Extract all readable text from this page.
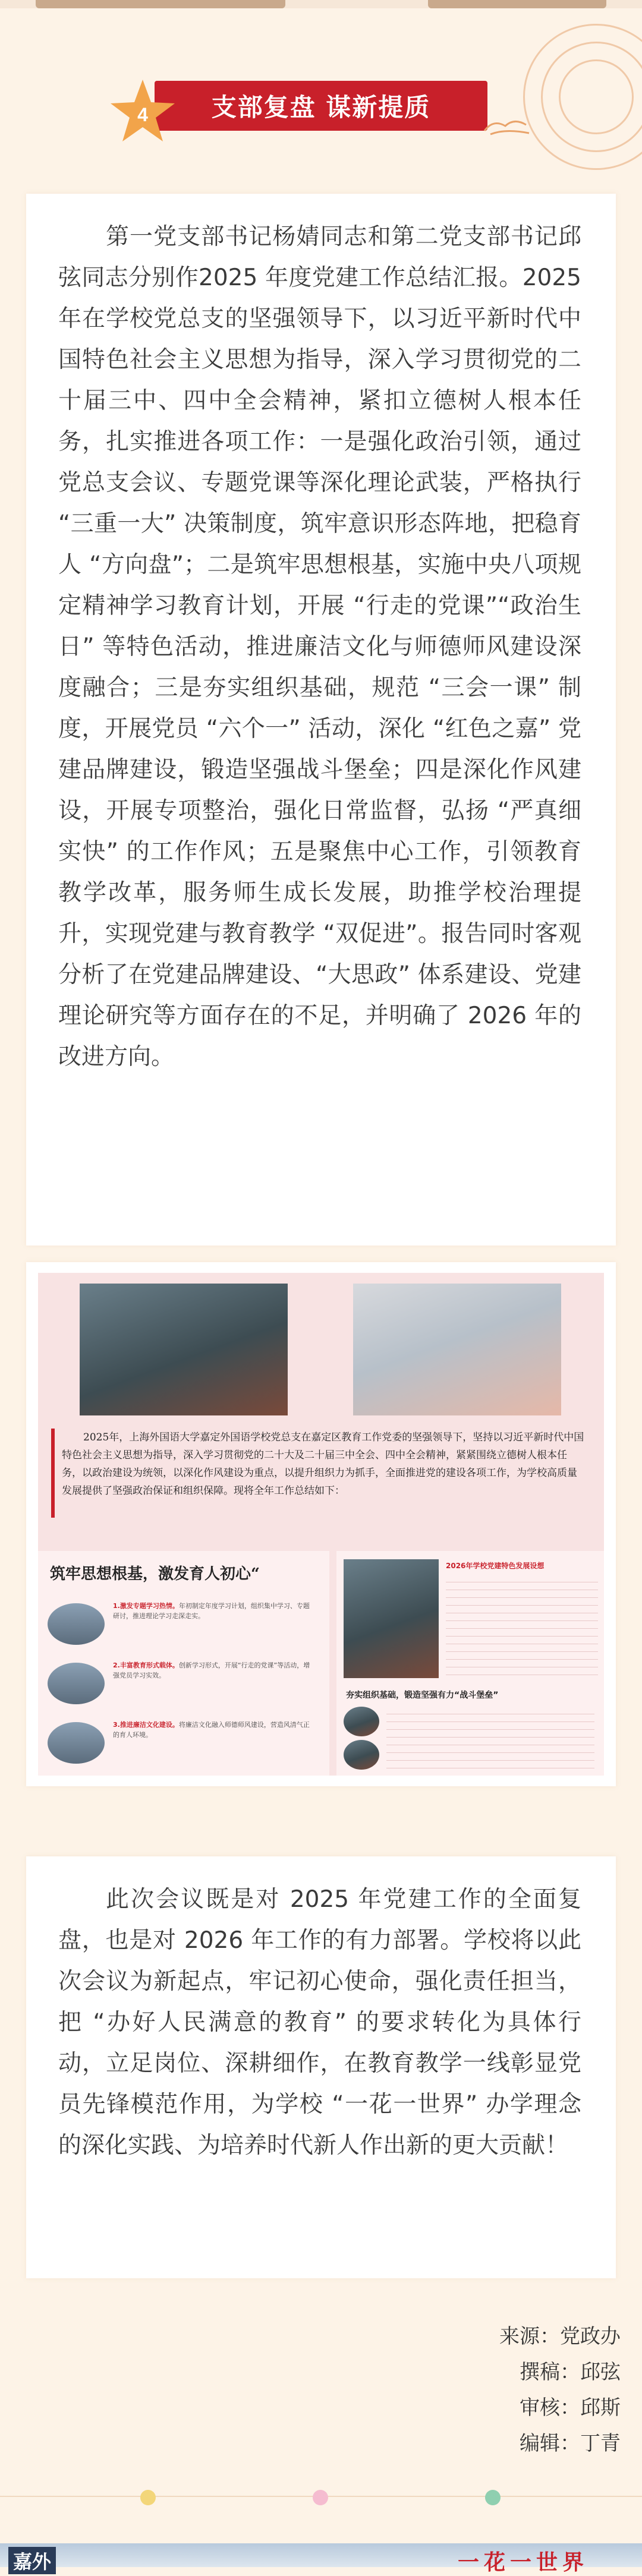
支部复盘 谋新提质
4

第一党支部书记杨婧同志和第二党支部书记邱弦同志分别作2025 年度党建工作总结汇报。2025 年在学校党总支的坚强领导下，以习近平新时代中国特色社会主义思想为指导，深入学习贯彻党的二十届三中、四中全会精神，紧扣立德树人根本任务，扎实推进各项工作：一是强化政治引领，通过党总支会议、专题党课等深化理论武装，严格执行 “三重一大” 决策制度，筑牢意识形态阵地，把稳育人 “方向盘”；二是筑牢思想根基，实施中央八项规定精神学习教育计划，开展 “行走的党课”“政治生日” 等特色活动，推进廉洁文化与师德师风建设深度融合；三是夯实组织基础，规范 “三会一课” 制度，开展党员 “六个一” 活动，深化 “红色之嘉” 党建品牌建设，锻造坚强战斗堡垒；四是深化作风建设，开展专项整治，强化日常监督，弘扬 “严真细实快” 的工作作风；五是聚焦中心工作，引领教育教学改革，服务师生成长发展，助推学校治理提升，实现党建与教育教学 “双促进”。报告同时客观分析了在党建品牌建设、“大思政” 体系建设、党建理论研究等方面存在的不足，并明确了 2026 年的改进方向。

2025年，上海外国语大学嘉定外国语学校党总支在嘉定区教育工作党委的坚强领导下，坚持以习近平新时代中国特色社会主义思想为指导，深入学习贯彻党的二十大及二十届三中全会、四中全会精神，紧紧围绕立德树人根本任务，以政治建设为统领，以深化作风建设为重点，以提升组织力为抓手，全面推进党的建设各项工作，为学校高质量发展提供了坚强政治保证和组织保障。现将全年工作总结如下：
筑牢思想根基，激发育人初心“
1.激发专题学习热情。年初制定年度学习计划，组织集中学习、专题研讨，推进理论学习走深走实。
2.丰富教育形式载体。创新学习形式，开展“行走的党课”等活动，增强党员学习实效。
3.推进廉洁文化建设。将廉洁文化融入师德师风建设，营造风清气正的育人环境。
2026年学校党建特色发展设想
夯实组织基础，锻造坚强有力“战斗堡垒”

此次会议既是对 2025 年党建工作的全面复盘，也是对 2026 年工作的有力部署。学校将以此次会议为新起点，牢记初心使命，强化责任担当，把 “办好人民满意的教育” 的要求转化为具体行动，立足岗位、深耕细作，在教育教学一线彰显党员先锋模范作用，为学校 “一花一世界” 办学理念的深化实践、为培养时代新人作出新的更大贡献！

来源：党政办
撰稿：邱弦
审核：邱斯
编辑：丁青
嘉外	一花一世界
